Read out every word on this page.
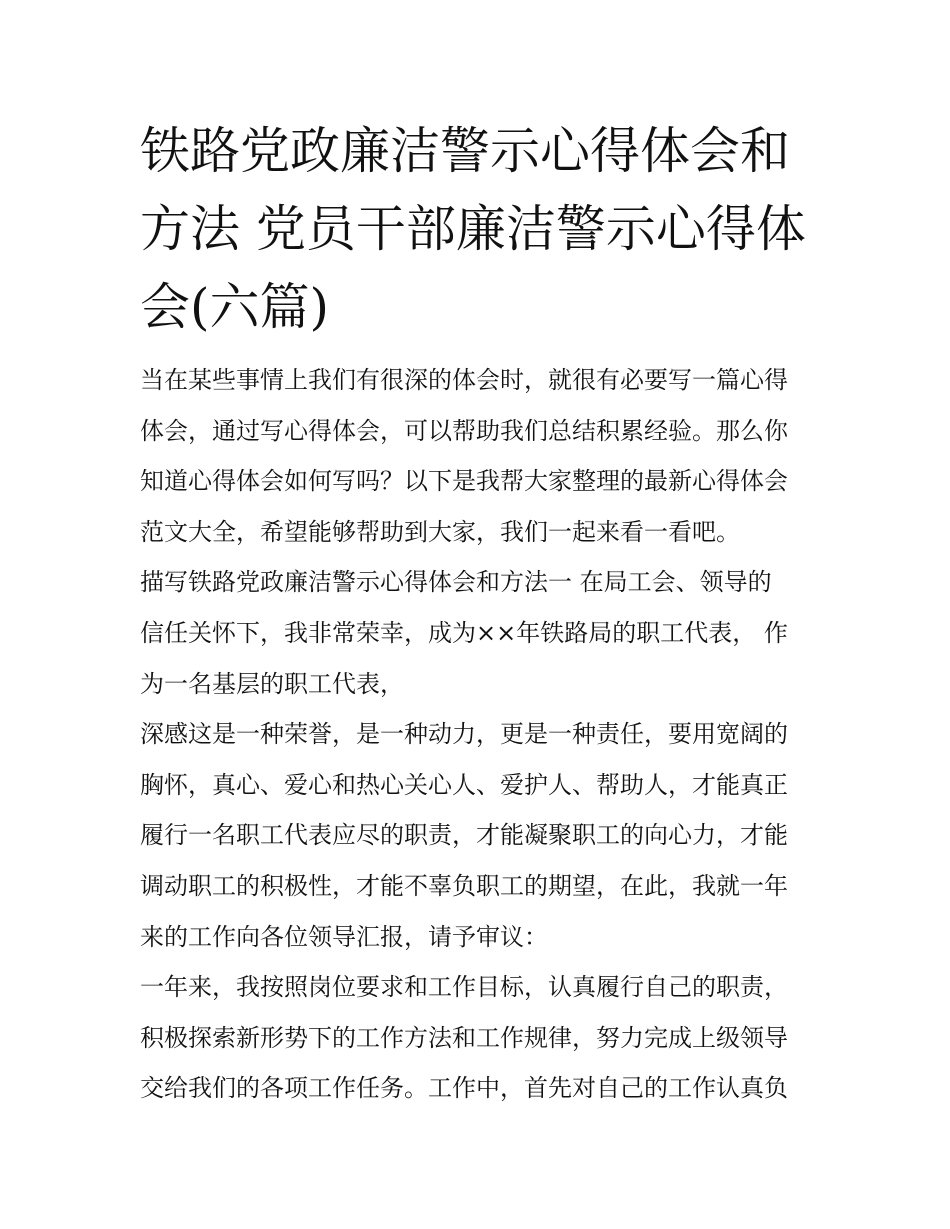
铁路党政廉洁警示心得体会和
方法 党员干部廉洁警示心得体
会(六篇)
当在某些事情上我们有很深的体会时，就很有必要写一篇心得
体会，通过写心得体会，可以帮助我们总结积累经验。那么你
知道心得体会如何写吗？以下是我帮大家整理的最新心得体会
范文大全，希望能够帮助到大家，我们一起来看一看吧。
描写铁路党政廉洁警示心得体会和方法一 在局工会、领导的
信任关怀下，我非常荣幸，成为××年铁路局的职工代表， 作
为一名基层的职工代表，
深感这是一种荣誉，是一种动力，更是一种责任，要用宽阔的
胸怀，真心、爱心和热心关心人、爱护人、帮助人，才能真正
履行一名职工代表应尽的职责，才能凝聚职工的向心力，才能
调动职工的积极性，才能不辜负职工的期望，在此，我就一年
来的工作向各位领导汇报，请予审议：
一年来，我按照岗位要求和工作目标，认真履行自己的职责，
积极探索新形势下的工作方法和工作规律，努力完成上级领导
交给我们的各项工作任务。工作中，首先对自己的工作认真负
